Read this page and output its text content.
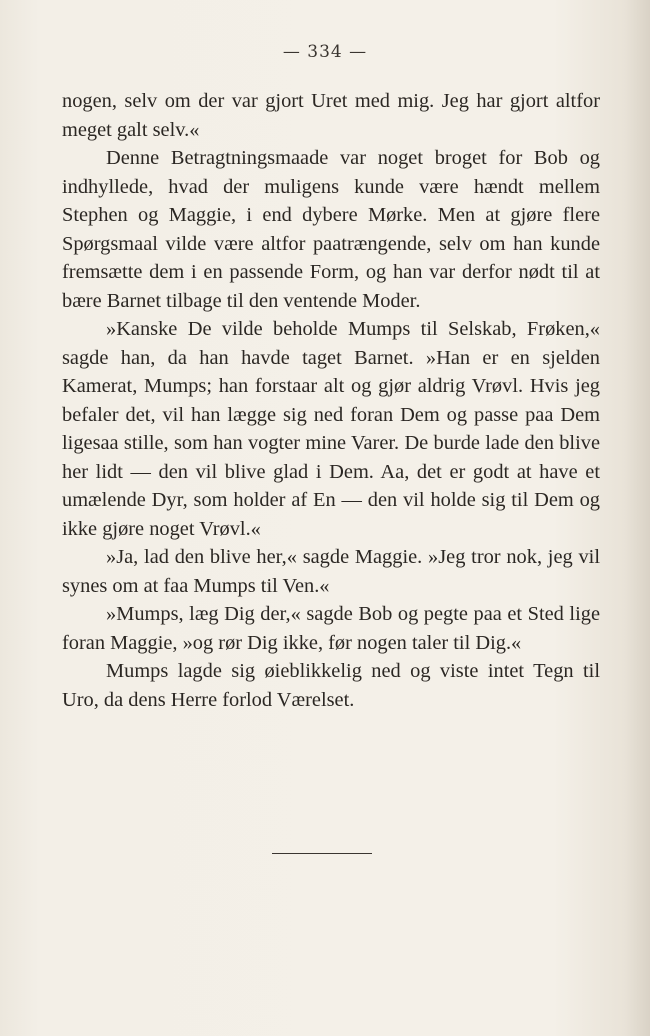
— 334 —

nogen, selv om der var gjort Uret med mig. Jeg har gjort altfor meget galt selv.«

Denne Betragtningsmaade var noget broget for Bob og indhyllede, hvad der muligens kunde være hændt mellem Stephen og Maggie, i end dybere Mørke. Men at gjøre flere Spørgsmaal vilde være altfor paatrængende, selv om han kunde fremsætte dem i en passende Form, og han var derfor nødt til at bære Barnet tilbage til den ventende Moder.

»Kanske De vilde beholde Mumps til Selskab, Frøken,« sagde han, da han havde taget Barnet. »Han er en sjelden Kamerat, Mumps; han forstaar alt og gjør aldrig Vrøvl. Hvis jeg befaler det, vil han lægge sig ned foran Dem og passe paa Dem ligesaa stille, som han vogter mine Varer. De burde lade den blive her lidt — den vil blive glad i Dem. Aa, det er godt at have et umælende Dyr, som holder af En — den vil holde sig til Dem og ikke gjøre noget Vrøvl.«

»Ja, lad den blive her,« sagde Maggie. »Jeg tror nok, jeg vil synes om at faa Mumps til Ven.«

»Mumps, læg Dig der,« sagde Bob og pegte paa et Sted lige foran Maggie, »og rør Dig ikke, før nogen taler til Dig.«

Mumps lagde sig øieblikkelig ned og viste intet Tegn til Uro, da dens Herre forlod Værelset.
